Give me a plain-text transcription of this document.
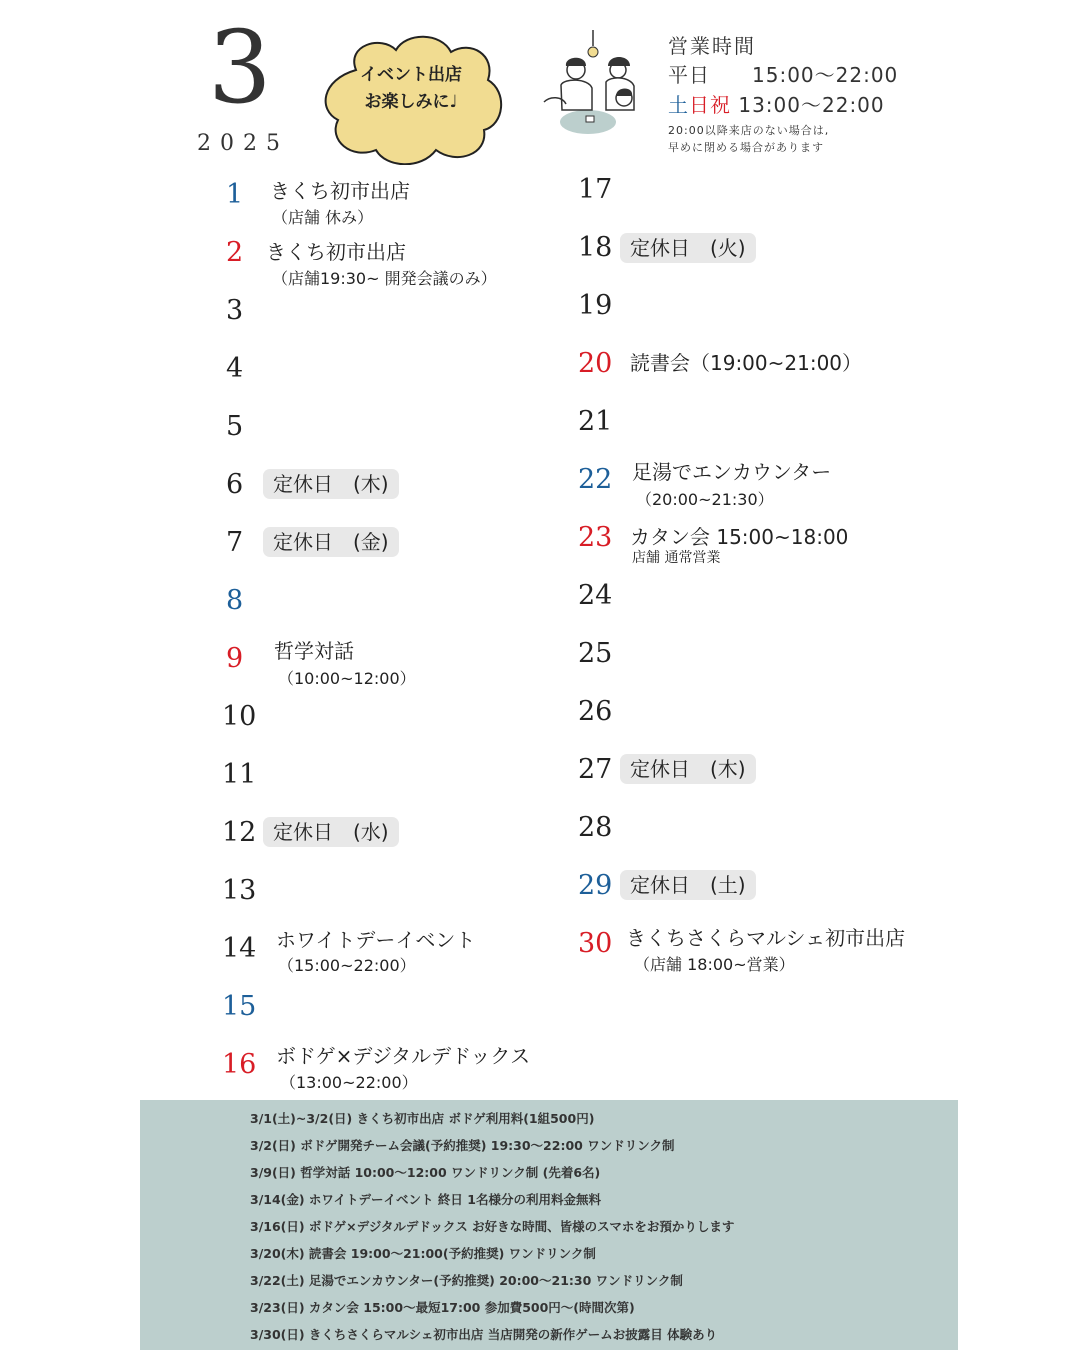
3
2025
イベント出店
お楽しみに♩
営業時間
平日 15:00〜22:00
土日祝 13:00〜22:00
20:00以降来店のない場合は,
早めに閉める場合があります
1 きくち初市出店
（店舗 休み）
2 きくち初市出店
（店舗19:30~ 開発会議のみ）
3
4
5
6	定休日　(木)
7	定休日　(金)
8
9 哲学対話
（10:00~12:00）
10
11
12 定休日　(水)
13
14 ホワイトデーイベント
（15:00~22:00）
15
16 ボドゲ×デジタルデドックス
（13:00~22:00）
17
18 定休日　(火)
19
20 読書会（19:00~21:00）
21
22 足湯でエンカウンター
（20:00~21:30）
23 カタン会 15:00~18:00
店舗 通常営業
24
25
26
27 定休日　(木)
28
29 定休日　(土)
30 きくちさくらマルシェ初市出店
（店舗 18:00~営業）
3/1(土)~3/2(日) きくち初市出店 ボドゲ利用料(1組500円)
3/2(日) ボドゲ開発チーム会議(予約推奨) 19:30～22:00 ワンドリンク制
3/9(日) 哲学対話 10:00～12:00 ワンドリンク制 (先着6名)
3/14(金) ホワイトデーイベント 終日 1名様分の利用料金無料
3/16(日) ボドゲ×デジタルデドックス お好きな時間、皆様のスマホをお預かりします
3/20(木) 読書会 19:00～21:00(予約推奨) ワンドリンク制
3/22(土) 足湯でエンカウンター(予約推奨) 20:00～21:30 ワンドリンク制
3/23(日) カタン会 15:00～最短17:00 参加費500円～(時間次第)
3/30(日) きくちさくらマルシェ初市出店 当店開発の新作ゲームお披露目 体験あり
